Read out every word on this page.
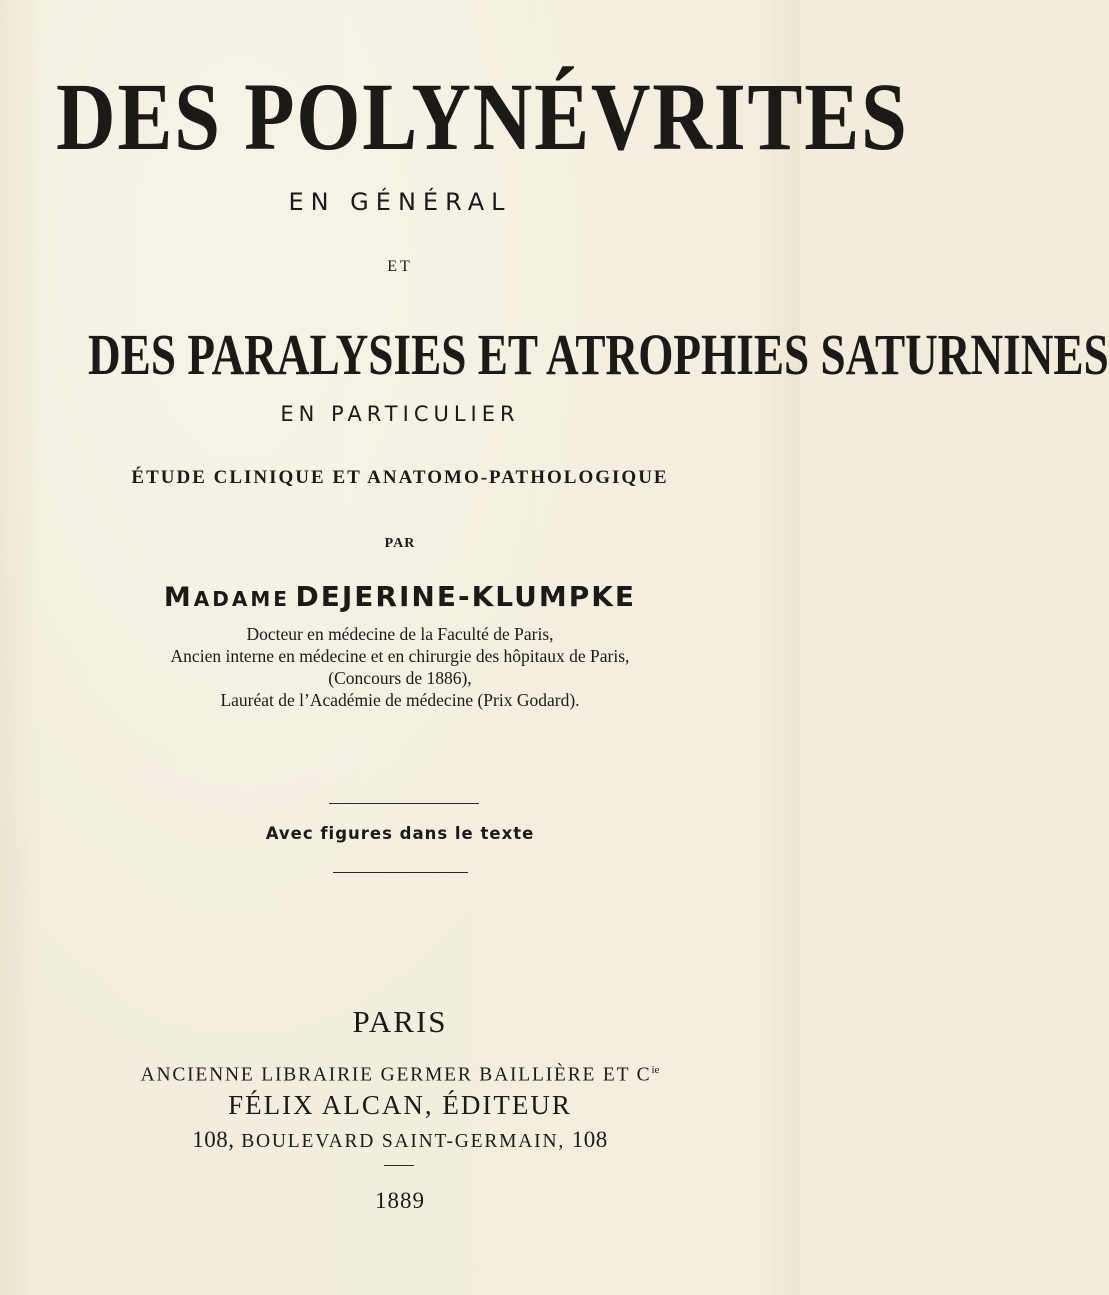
DES POLYNÉVRITES
EN GÉNÉRAL
ET
DES PARALYSIES ET ATROPHIES SATURNINES
EN PARTICULIER
ÉTUDE CLINIQUE ET ANATOMO-PATHOLOGIQUE
PAR
MADAME DEJERINE-KLUMPKE
Docteur en médecine de la Faculté de Paris,
Ancien interne en médecine et en chirurgie des hôpitaux de Paris,
(Concours de 1886),
Lauréat de l’Académie de médecine (Prix Godard).
Avec figures dans le texte
PARIS
ANCIENNE LIBRAIRIE GERMER BAILLIÈRE ET $C^{ie}$
FÉLIX ALCAN, ÉDITEUR
108, BOULEVARD SAINT-GERMAIN, 108
1889
